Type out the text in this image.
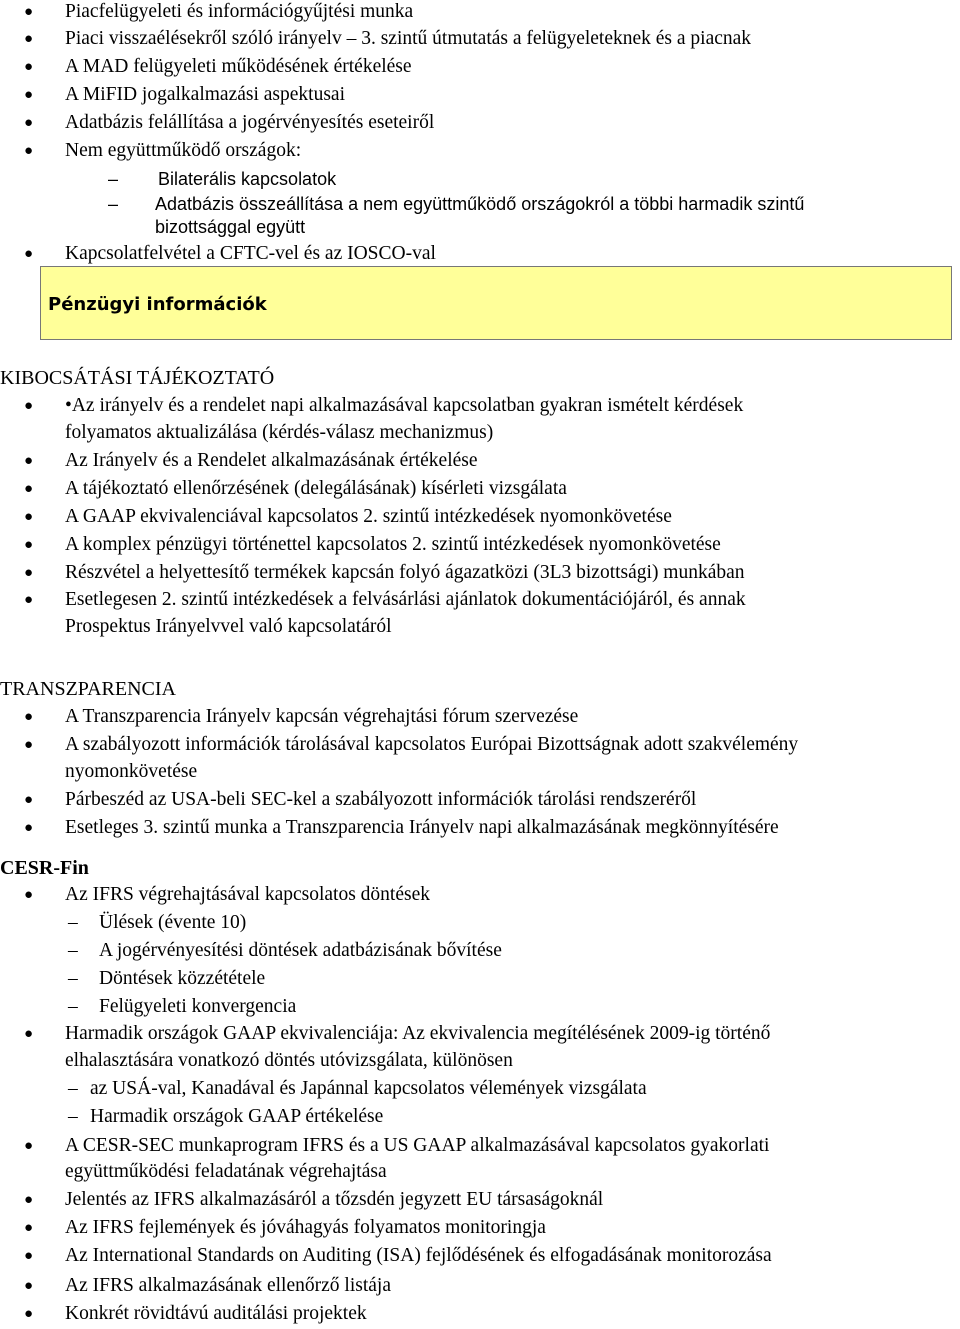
● Piacfelügyeleti és információgyűjtési munka
● Piaci visszaélésekről szóló irányelv – 3. szintű útmutatás a felügyeleteknek és a piacnak
● A MAD felügyeleti működésének értékelése
● A MiFID jogalkalmazási aspektusai
● Adatbázis felállítása a jogérvényesítés eseteiről
● Nem együttműködő országok:
– Bilaterális kapcsolatok
– Adatbázis összeállítása a nem együttműködő országokról a többi harmadik szintű
bizottsággal együtt
● Kapcsolatfelvétel a CFTC-vel és az IOSCO-val
Pénzügyi információk
KIBOCSÁTÁSI TÁJÉKOZTATÓ
● •Az irányelv és a rendelet napi alkalmazásával kapcsolatban gyakran ismételt kérdések
folyamatos aktualizálása (kérdés-válasz mechanizmus)
● Az Irányelv és a Rendelet alkalmazásának értékelése
● A tájékoztató ellenőrzésének (delegálásának) kísérleti vizsgálata
● A GAAP ekvivalenciával kapcsolatos 2. szintű intézkedések nyomonkövetése
● A komplex pénzügyi történettel kapcsolatos 2. szintű intézkedések nyomonkövetése
● Részvétel a helyettesítő termékek kapcsán folyó ágazatközi (3L3 bizottsági) munkában
● Esetlegesen 2. szintű intézkedések a felvásárlási ajánlatok dokumentációjáról, és annak
Prospektus Irányelvvel való kapcsolatáról
TRANSZPARENCIA
● A Transzparencia Irányelv kapcsán végrehajtási fórum szervezése
● A szabályozott információk tárolásával kapcsolatos Európai Bizottságnak adott szakvélemény
nyomonkövetése
● Párbeszéd az USA-beli SEC-kel a szabályozott információk tárolási rendszeréről
● Esetleges 3. szintű munka a Transzparencia Irányelv napi alkalmazásának megkönnyítésére
CESR-Fin
● Az IFRS végrehajtásával kapcsolatos döntések
– Ülések (évente 10)
– A jogérvényesítési döntések adatbázisának bővítése
– Döntések közzététele
– Felügyeleti konvergencia
● Harmadik országok GAAP ekvivalenciája: Az ekvivalencia megítélésének 2009-ig történő
elhalasztására vonatkozó döntés utóvizsgálata, különösen
– az USÁ-val, Kanadával és Japánnal kapcsolatos vélemények vizsgálata
– Harmadik országok GAAP értékelése
● A CESR-SEC munkaprogram IFRS és a US GAAP alkalmazásával kapcsolatos gyakorlati
együttműködési feladatának végrehajtása
● Jelentés az IFRS alkalmazásáról a tőzsdén jegyzett EU társaságoknál
● Az IFRS fejlemények és jóváhagyás folyamatos monitoringja
● Az International Standards on Auditing (ISA) fejlődésének és elfogadásának monitorozása
● Az IFRS alkalmazásának ellenőrző listája
● Konkrét rövidtávú auditálási projektek
